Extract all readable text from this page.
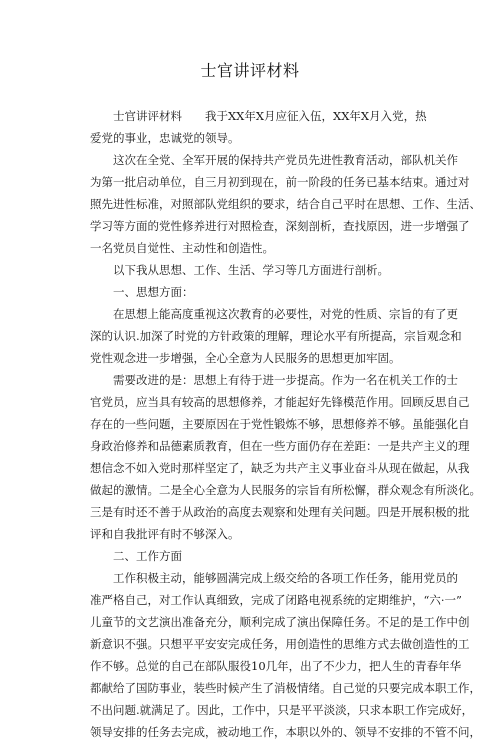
士官讲评材料
士官讲评材料　　我于XX年X月应征入伍，XX年X月入党，热
爱党的事业，忠诚党的领导。
这次在全党、全军开展的保持共产党员先进性教育活动，部队机关作
为第一批启动单位，自三月初到现在，前一阶段的任务已基本结束。通过对
照先进性标准，对照部队党组织的要求，结合自己平时在思想、工作、生活、
学习等方面的党性修养进行对照检查，深刻剖析，查找原因，进一步增强了
一名党员自觉性、主动性和创造性。
以下我从思想、工作、生活、学习等几方面进行剖析。
一、思想方面：
在思想上能高度重视这次教育的必要性，对党的性质、宗旨的有了更
深的认识.加深了时党的方针政策的理解，理论水平有所提高，宗旨观念和
党性观念进一步增强，全心全意为人民服务的思想更加牢固。
需要改进的是：思想上有待于进一步提高。作为一名在机关工作的士
官党员，应当具有较高的思想修养，才能起好先锋模范作用。回顾反思自己
存在的一些问题，主要原因在于党性锻炼不够，思想修养不够。虽能强化自
身政治修养和品德素质教育，但在一些方面仍存在差距：一是共产主义的理
想信念不如入党时那样坚定了，缺乏为共产主义事业奋斗从现在做起，从我
做起的激情。二是全心全意为人民服务的宗旨有所松懈，群众观念有所淡化。
三是有时还不善于从政治的高度去观察和处理有关问题。四是开展积极的批
评和自我批评有时不够深入。
二、工作方面
工作积极主动，能够圆满完成上级交给的各项工作任务，能用党员的
准严格自己，对工作认真细致，完成了闭路电视系统的定期维护，“六·一”
儿童节的文艺演出准备充分，顺利完成了演出保障任务。不足的是工作中创
新意识不强。只想平平安安完成任务，用创造性的思维方式去做创造性的工
作不够。总觉的自己在部队服役10几年，出了不少力，把人生的青春年华
都献给了国防事业，装些时候产生了消极情绪。自己觉的只要完成本职工作，
不出问题.就满足了。因此，工作中，只是平平淡淡，只求本职工作完成好，
领导安排的任务去完成，被动地工作，本职以外的、领导不安排的不管不问，
